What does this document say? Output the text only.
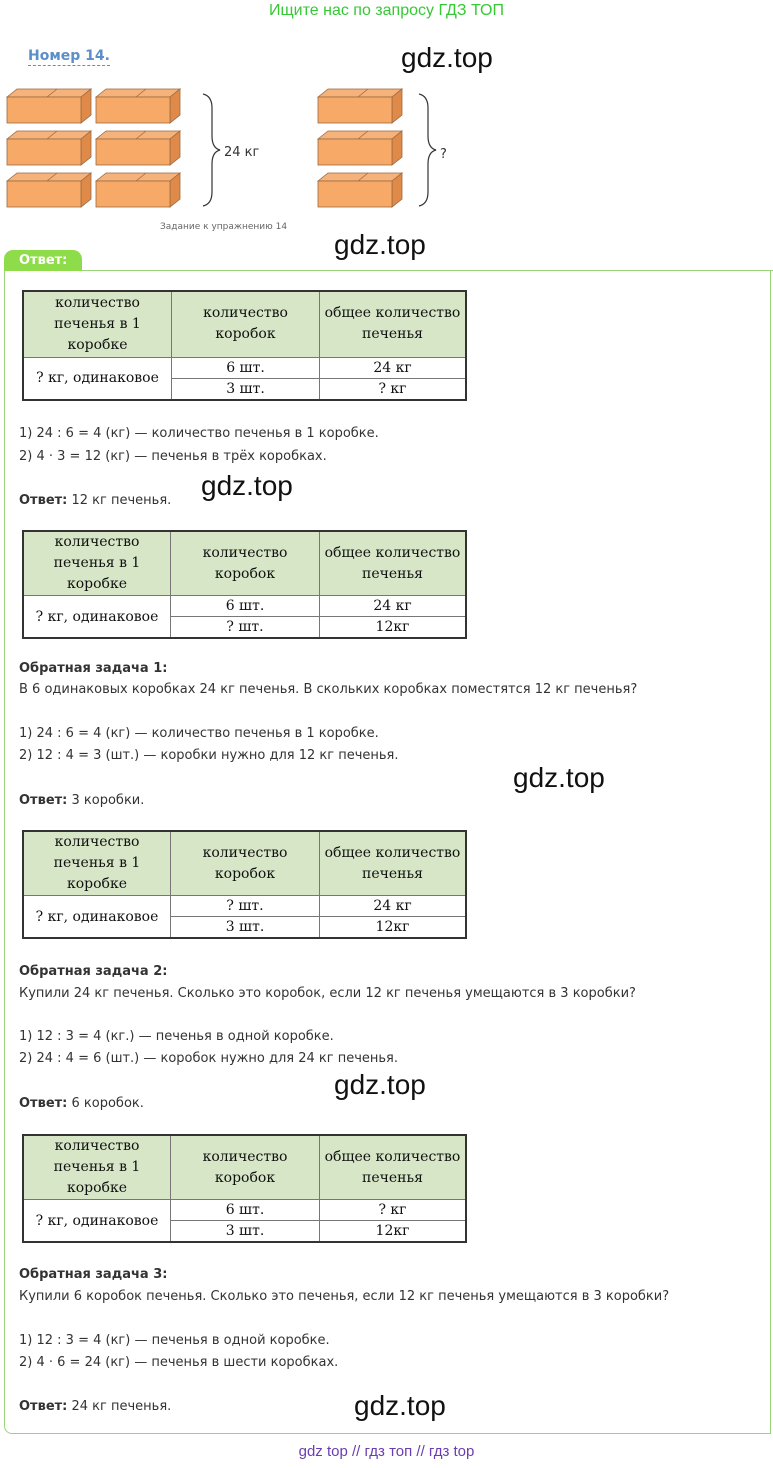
Ищите нас по запросу ГДЗ ТОП
Номер 14.	gdz.top
gdz.top
gdz.top
gdz.top
gdz.top
gdz.top
24 кг	?
Задание к упражнению 14
Ответ:
количество печенья в 1 коробке	количество коробок	общее количество печенья
? кг, одинаковое	6 шт.	24 кг
	3 шт.	? кг
1) 24 : 6 = 4 (кг) — количество печенья в 1 коробке.
2) 4 · 3 = 12 (кг) — печенья в трёх коробках.
Ответ: 12 кг печенья.
количество печенья в 1 коробке	количество коробок	общее количество печенья
? кг, одинаковое	6 шт.	24 кг
	? шт.	12кг
Обратная задача 1:
В 6 одинаковых коробках 24 кг печенья. В скольких коробках поместятся 12 кг печенья?
1) 24 : 6 = 4 (кг) — количество печенья в 1 коробке.
2) 12 : 4 = 3 (шт.) — коробки нужно для 12 кг печенья.
Ответ: 3 коробки.
количество печенья в 1 коробке	количество коробок	общее количество печенья
? кг, одинаковое	? шт.	24 кг
	3 шт.	12кг
Обратная задача 2:
Купили 24 кг печенья. Сколько это коробок, если 12 кг печенья умещаются в 3 коробки?
1) 12 : 3 = 4 (кг.) — печенья в одной коробке.
2) 24 : 4 = 6 (шт.) — коробок нужно для 24 кг печенья.
Ответ: 6 коробок.
количество печенья в 1 коробке	количество коробок	общее количество печенья
? кг, одинаковое	6 шт.	? кг
	3 шт.	12кг
Обратная задача 3:
Купили 6 коробок печенья. Сколько это печенья, если 12 кг печенья умещаются в 3 коробки?
1) 12 : 3 = 4 (кг) — печенья в одной коробке.
2) 4 · 6 = 24 (кг) — печенья в шести коробках.
Ответ: 24 кг печенья.
gdz top // гдз топ // гдз top
